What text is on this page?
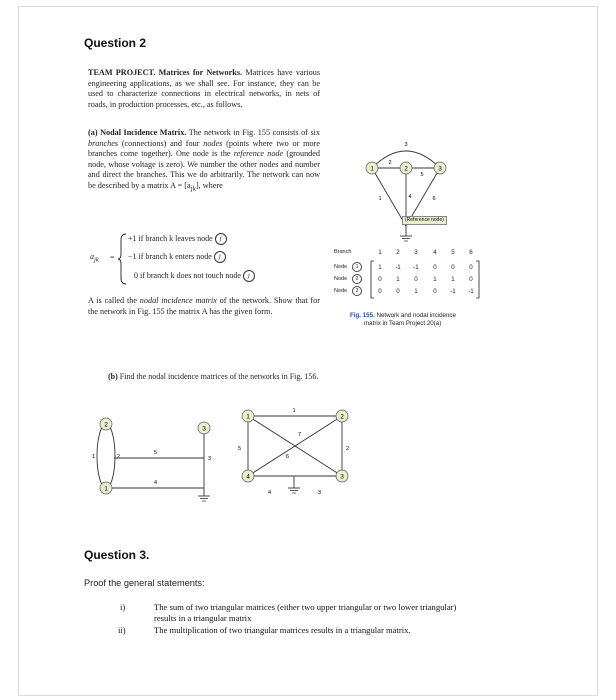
Question 2

TEAM PROJECT. Matrices for Networks. Matrices have various engineering applications, as we shall see. For instance, they can be used to characterize connections in electrical networks, in nets of roads, in production processes, etc., as follows.

(a) Nodal Incidence Matrix. The network in Fig. 155 consists of six branches (connections) and four nodes (points where two or more branches come together). One node is the reference node (grounded node, whose voltage is zero). We number the other nodes and number and direct the branches. This we do arbitrarily. The network can now be described by a matrix $A = [a_{jk}]$, where

$a_{jk}$ =
+1 if branch k leaves node j
−1 if branch k enters node j
0 if branch k does not touch node j

A is called the nodal incidence matrix of the network. Show that for the network in Fig. 155 the matrix A has the given form.

1	2	3
3
2
5
1	4	6
(Reference node)
Branch	1	2	3	4	5	6
Node	1	1	-1	-1	0	0	0
Node	2	0	1	0	1	1	0
Node	3	0	0	1	0	-1	-1
Fig. 155. Network and nodal incidence
matrix in Team Project 20(a)
(b) Find the nodal incidence matrices of the networks in Fig. 156.
2
3
1
1	2
5
3
4
1	2
3
4
1
2
3
4
5
6
7
Question 3.
Proof the general statements:
i)	The sum of two triangular matrices (either two upper triangular or two lower triangular)
results in a triangular matrix
ii)	The multiplication of two triangular matrices results in a triangular matrix.
